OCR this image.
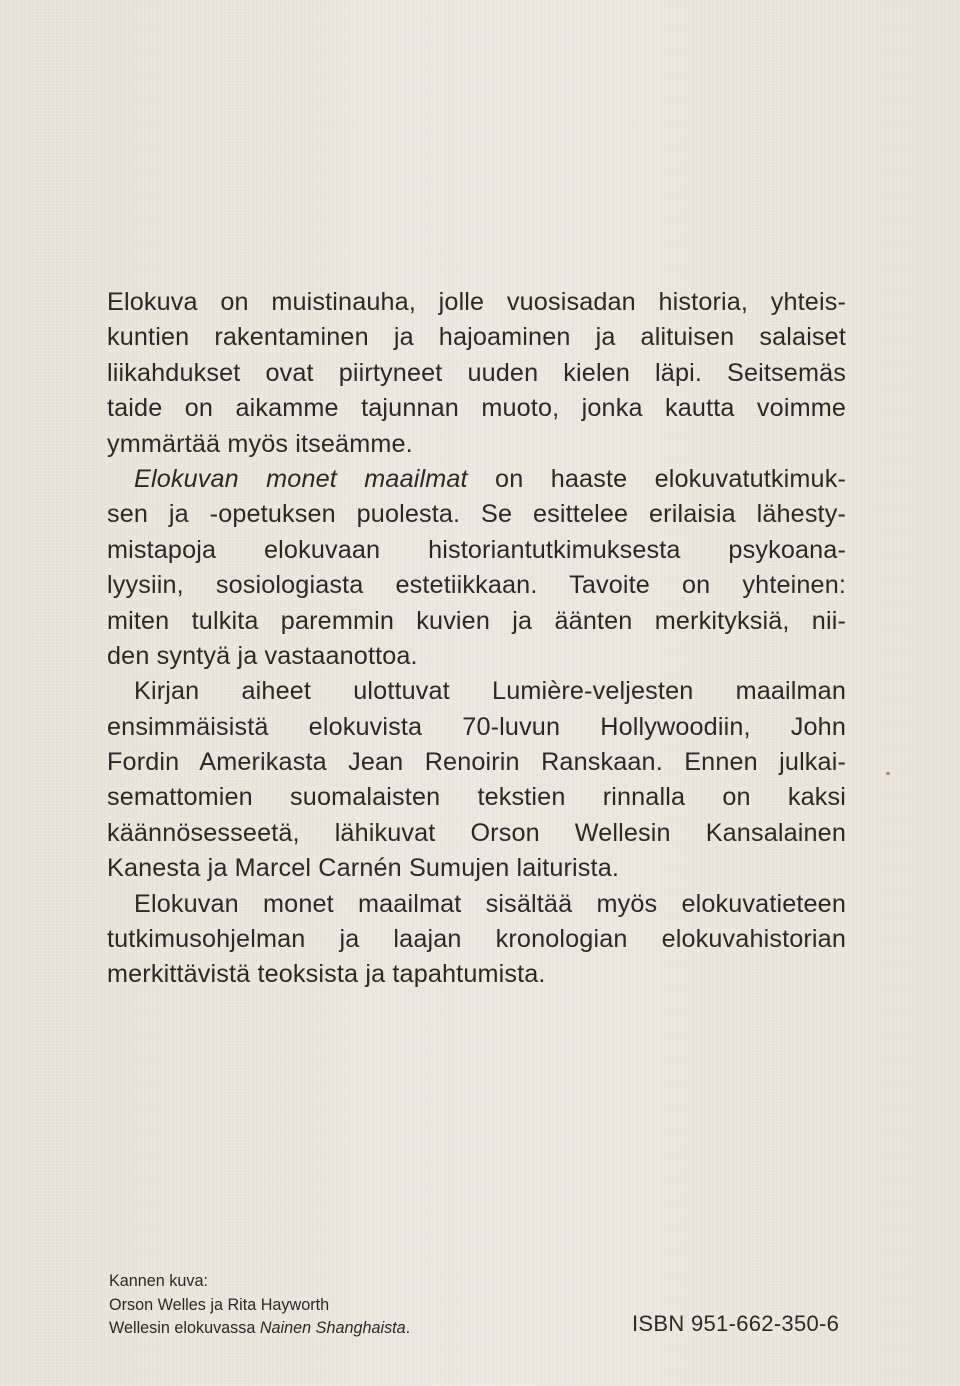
Elokuva on muistinauha, jolle vuosisadan historia, yhteis-
kuntien rakentaminen ja hajoaminen ja alituisen salaiset
liikahdukset ovat piirtyneet uuden kielen läpi. Seitsemäs
taide on aikamme tajunnan muoto, jonka kautta voimme
ymmärtää myös itseämme.
Elokuvan monet maailmat on haaste elokuvatutkimuk-
sen ja -opetuksen puolesta. Se esittelee erilaisia lähesty-
mistapoja elokuvaan historiantutkimuksesta psykoana-
lyysiin, sosiologiasta estetiikkaan. Tavoite on yhteinen:
miten tulkita paremmin kuvien ja äänten merkityksiä, nii-
den syntyä ja vastaanottoa.
Kirjan aiheet ulottuvat Lumière-veljesten maailman
ensimmäisistä elokuvista 70-luvun Hollywoodiin, John
Fordin Amerikasta Jean Renoirin Ranskaan. Ennen julkai-
semattomien suomalaisten tekstien rinnalla on kaksi
käännösesseetä, lähikuvat Orson Wellesin Kansalainen
Kanesta ja Marcel Carnén Sumujen laiturista.
Elokuvan monet maailmat sisältää myös elokuvatieteen
tutkimusohjelman ja laajan kronologian elokuvahistorian
merkittävistä teoksista ja tapahtumista.
Kannen kuva:
Orson Welles ja Rita Hayworth
Wellesin elokuvassa Nainen Shanghaista.	ISBN 951-662-350-6
